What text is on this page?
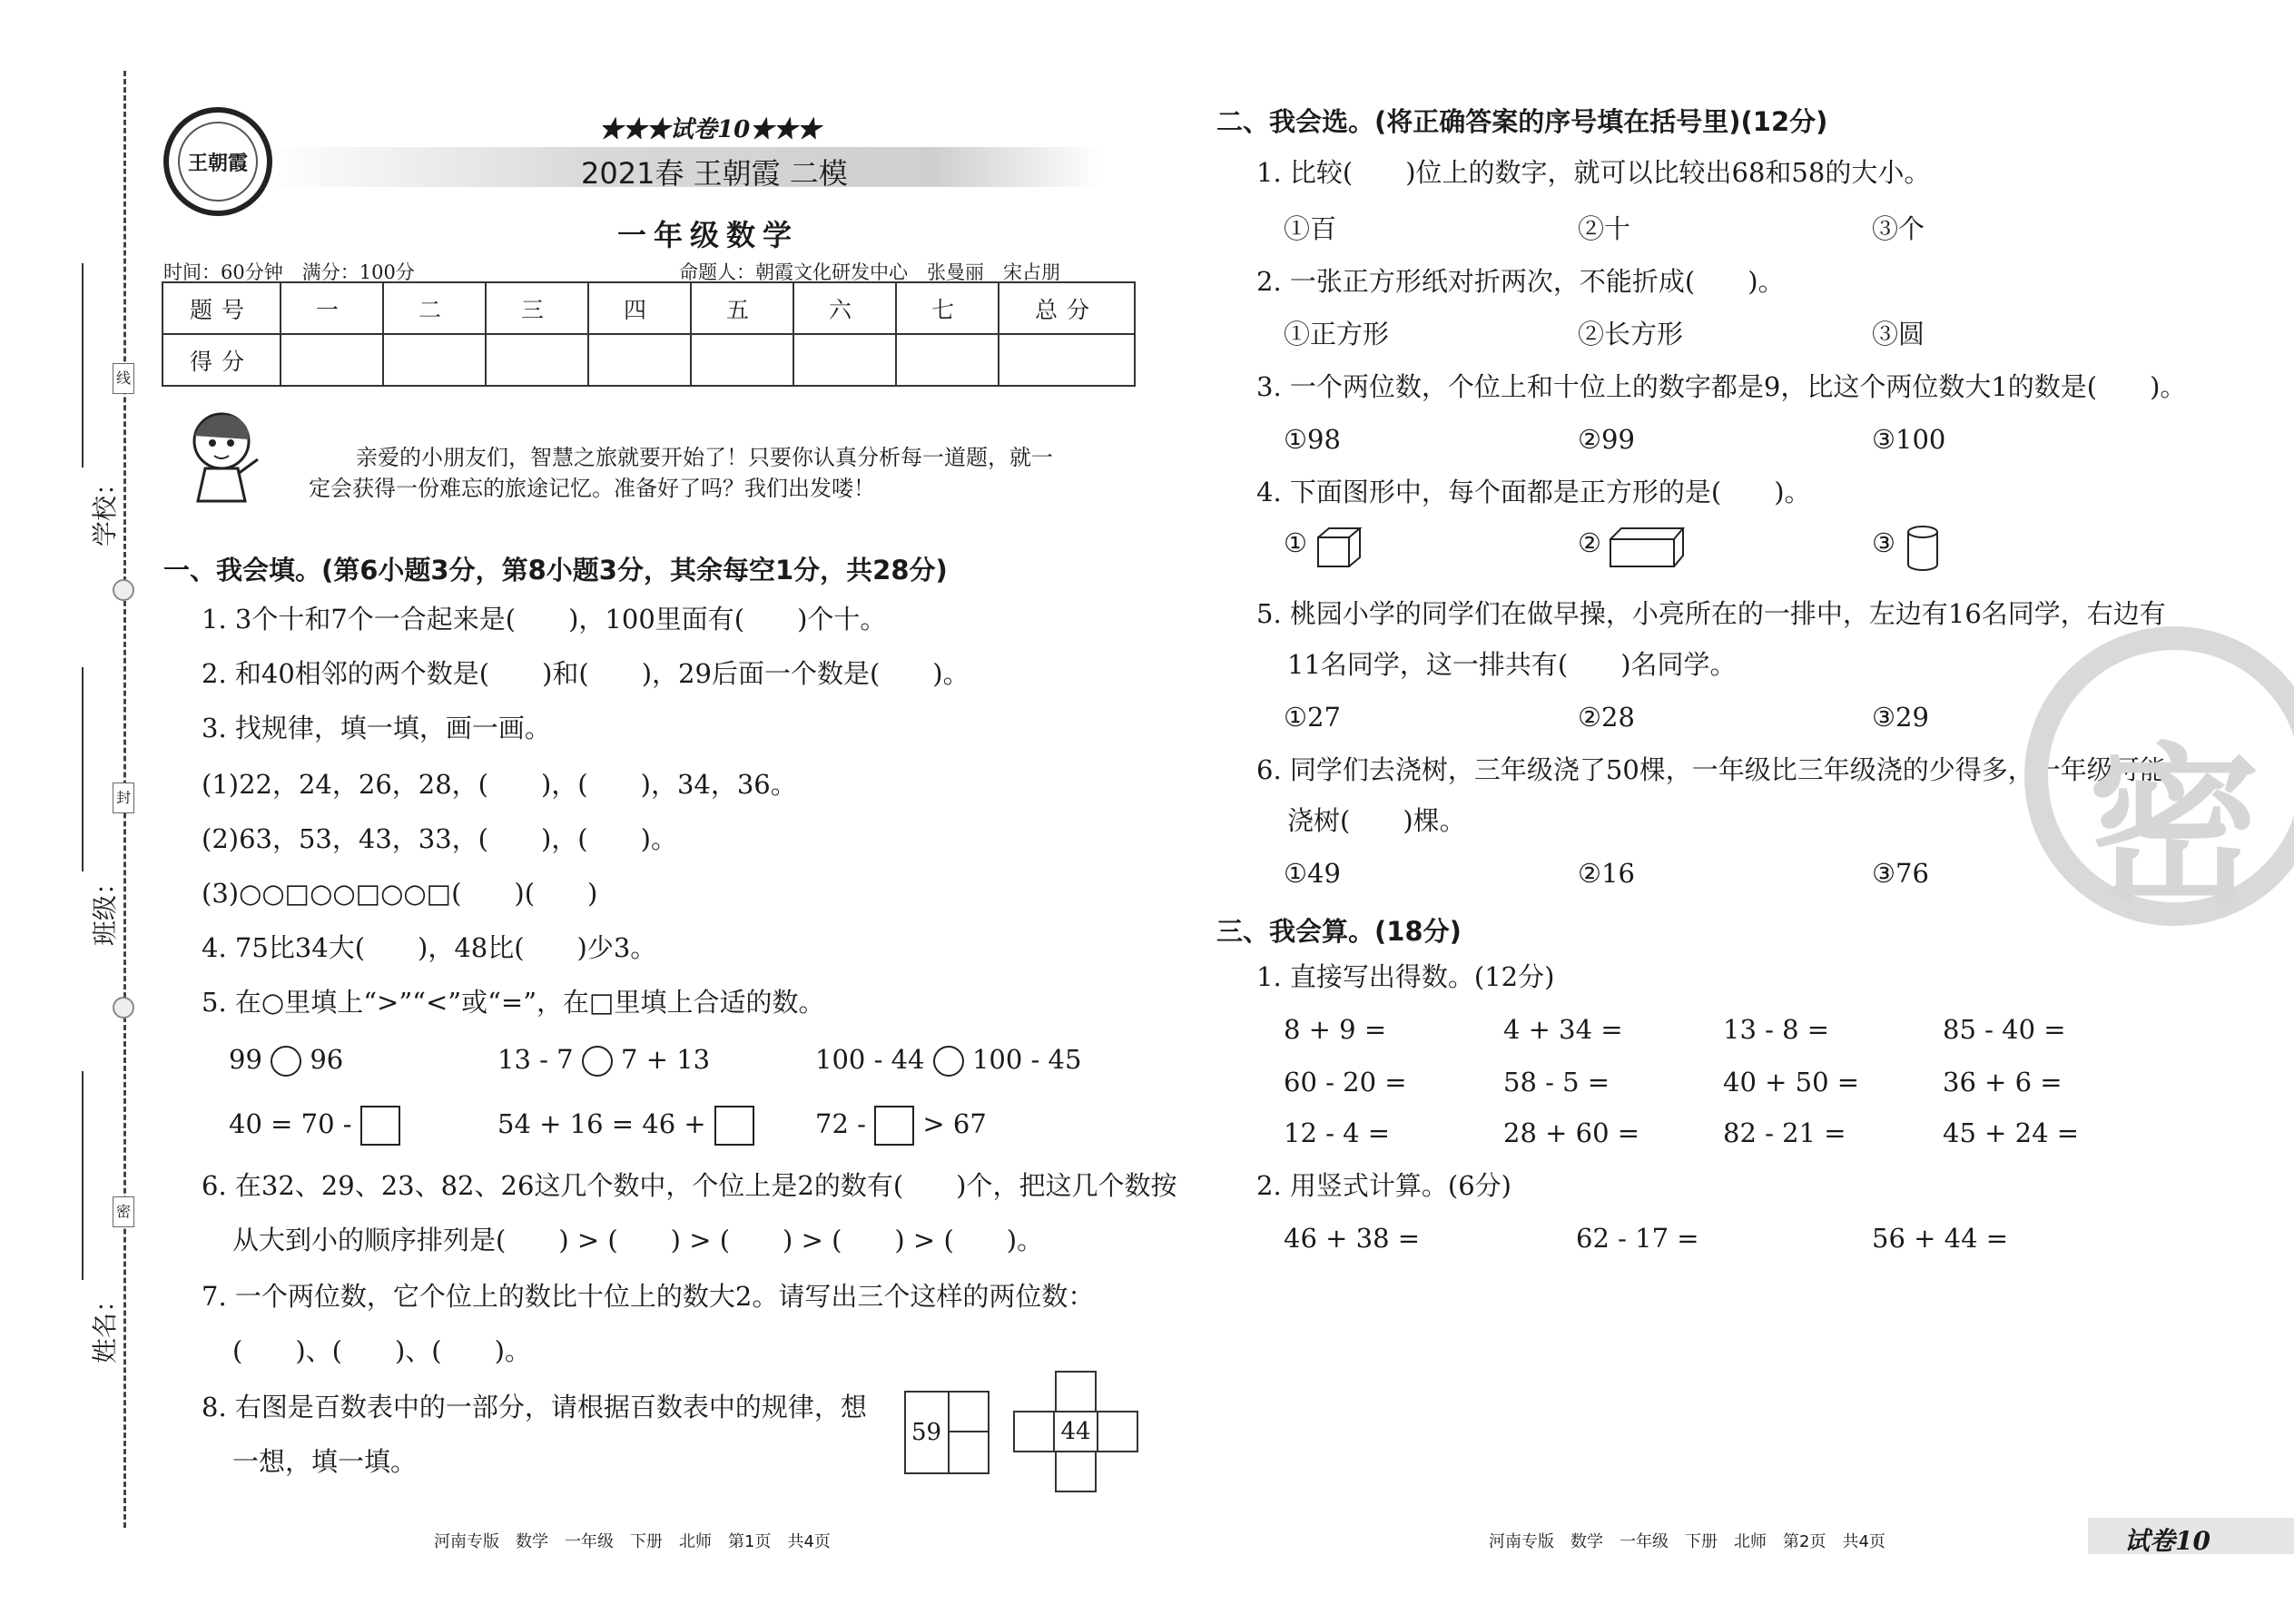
线
封
密
学校：
班级：
姓名：
王朝霞
★★★试卷10★★★
2021春 王朝霞 二模
一年级数学
时间：60分钟　满分：100分	命题人：朝霞文化研发中心　张曼丽　宋占朋
题号	一	二	三	四	五	六	七	总分
得分								
亲爱的小朋友们，智慧之旅就要开始了！只要你认真分析每一道题，就一
定会获得一份难忘的旅途记忆。准备好了吗？我们出发喽！
一、我会填。(第6小题3分，第8小题3分，其余每空1分，共28分)
1. 3个十和7个一合起来是(　　)，100里面有(　　)个十。
2. 和40相邻的两个数是(　　)和(　　)，29后面一个数是(　　)。
3. 找规律，填一填，画一画。
(1)22，24，26，28，(　　)，(　　)，34，36。
(2)63，53，43，33，(　　)，(　　)。
(3)○○□○○□○○□(　　)(　　)
4. 75比34大(　　)，48比(　　)少3。
5. 在○里填上“>”“<”或“=”，在□里填上合适的数。
99 96	13 - 7 7 + 13	100 - 44 100 - 45
40 = 70 -	54 + 16 = 46 +	72 - > 67
6. 在32、29、23、82、26这几个数中，个位上是2的数有(　　)个，把这几个数按
从大到小的顺序排列是(　　) > (　　) > (　　) > (　　) > (　　)。
7. 一个两位数，它个位上的数比十位上的数大2。请写出三个这样的两位数：
(　　)、(　　)、(　　)。
8. 右图是百数表中的一部分，请根据百数表中的规律，想
一想，填一填。
59	44
河南专版　数学　一年级　下册　北师　第1页　共4页
二、我会选。(将正确答案的序号填在括号里)(12分)
1. 比较(　　)位上的数字，就可以比较出68和58的大小。
①百	②十	③个
2. 一张正方形纸对折两次，不能折成(　　)。
①正方形	②长方形	③圆
3. 一个两位数，个位上和十位上的数字都是9，比这个两位数大1的数是(　　)。
①98	②99	③100
4. 下面图形中，每个面都是正方形的是(　　)。
①	②	③
5. 桃园小学的同学们在做早操，小亮所在的一排中，左边有16名同学，右边有
11名同学，这一排共有(　　)名同学。
①27	②28	③29
6. 同学们去浇树，三年级浇了50棵，一年级比三年级浇的少得多，一年级可能
浇树(　　)棵。
①49	②16	③76
三、我会算。(18分)
1. 直接写出得数。(12分)
8 + 9 =	4 + 34 =	13 - 8 =	85 - 40 =
60 - 20 =	58 - 5 =	40 + 50 =	36 + 6 =
12 - 4 =	28 + 60 =	82 - 21 =	45 + 24 =
2. 用竖式计算。(6分)
46 + 38 =	62 - 17 =	56 + 44 =
密
河南专版　数学　一年级　下册　北师　第2页　共4页	试卷10
